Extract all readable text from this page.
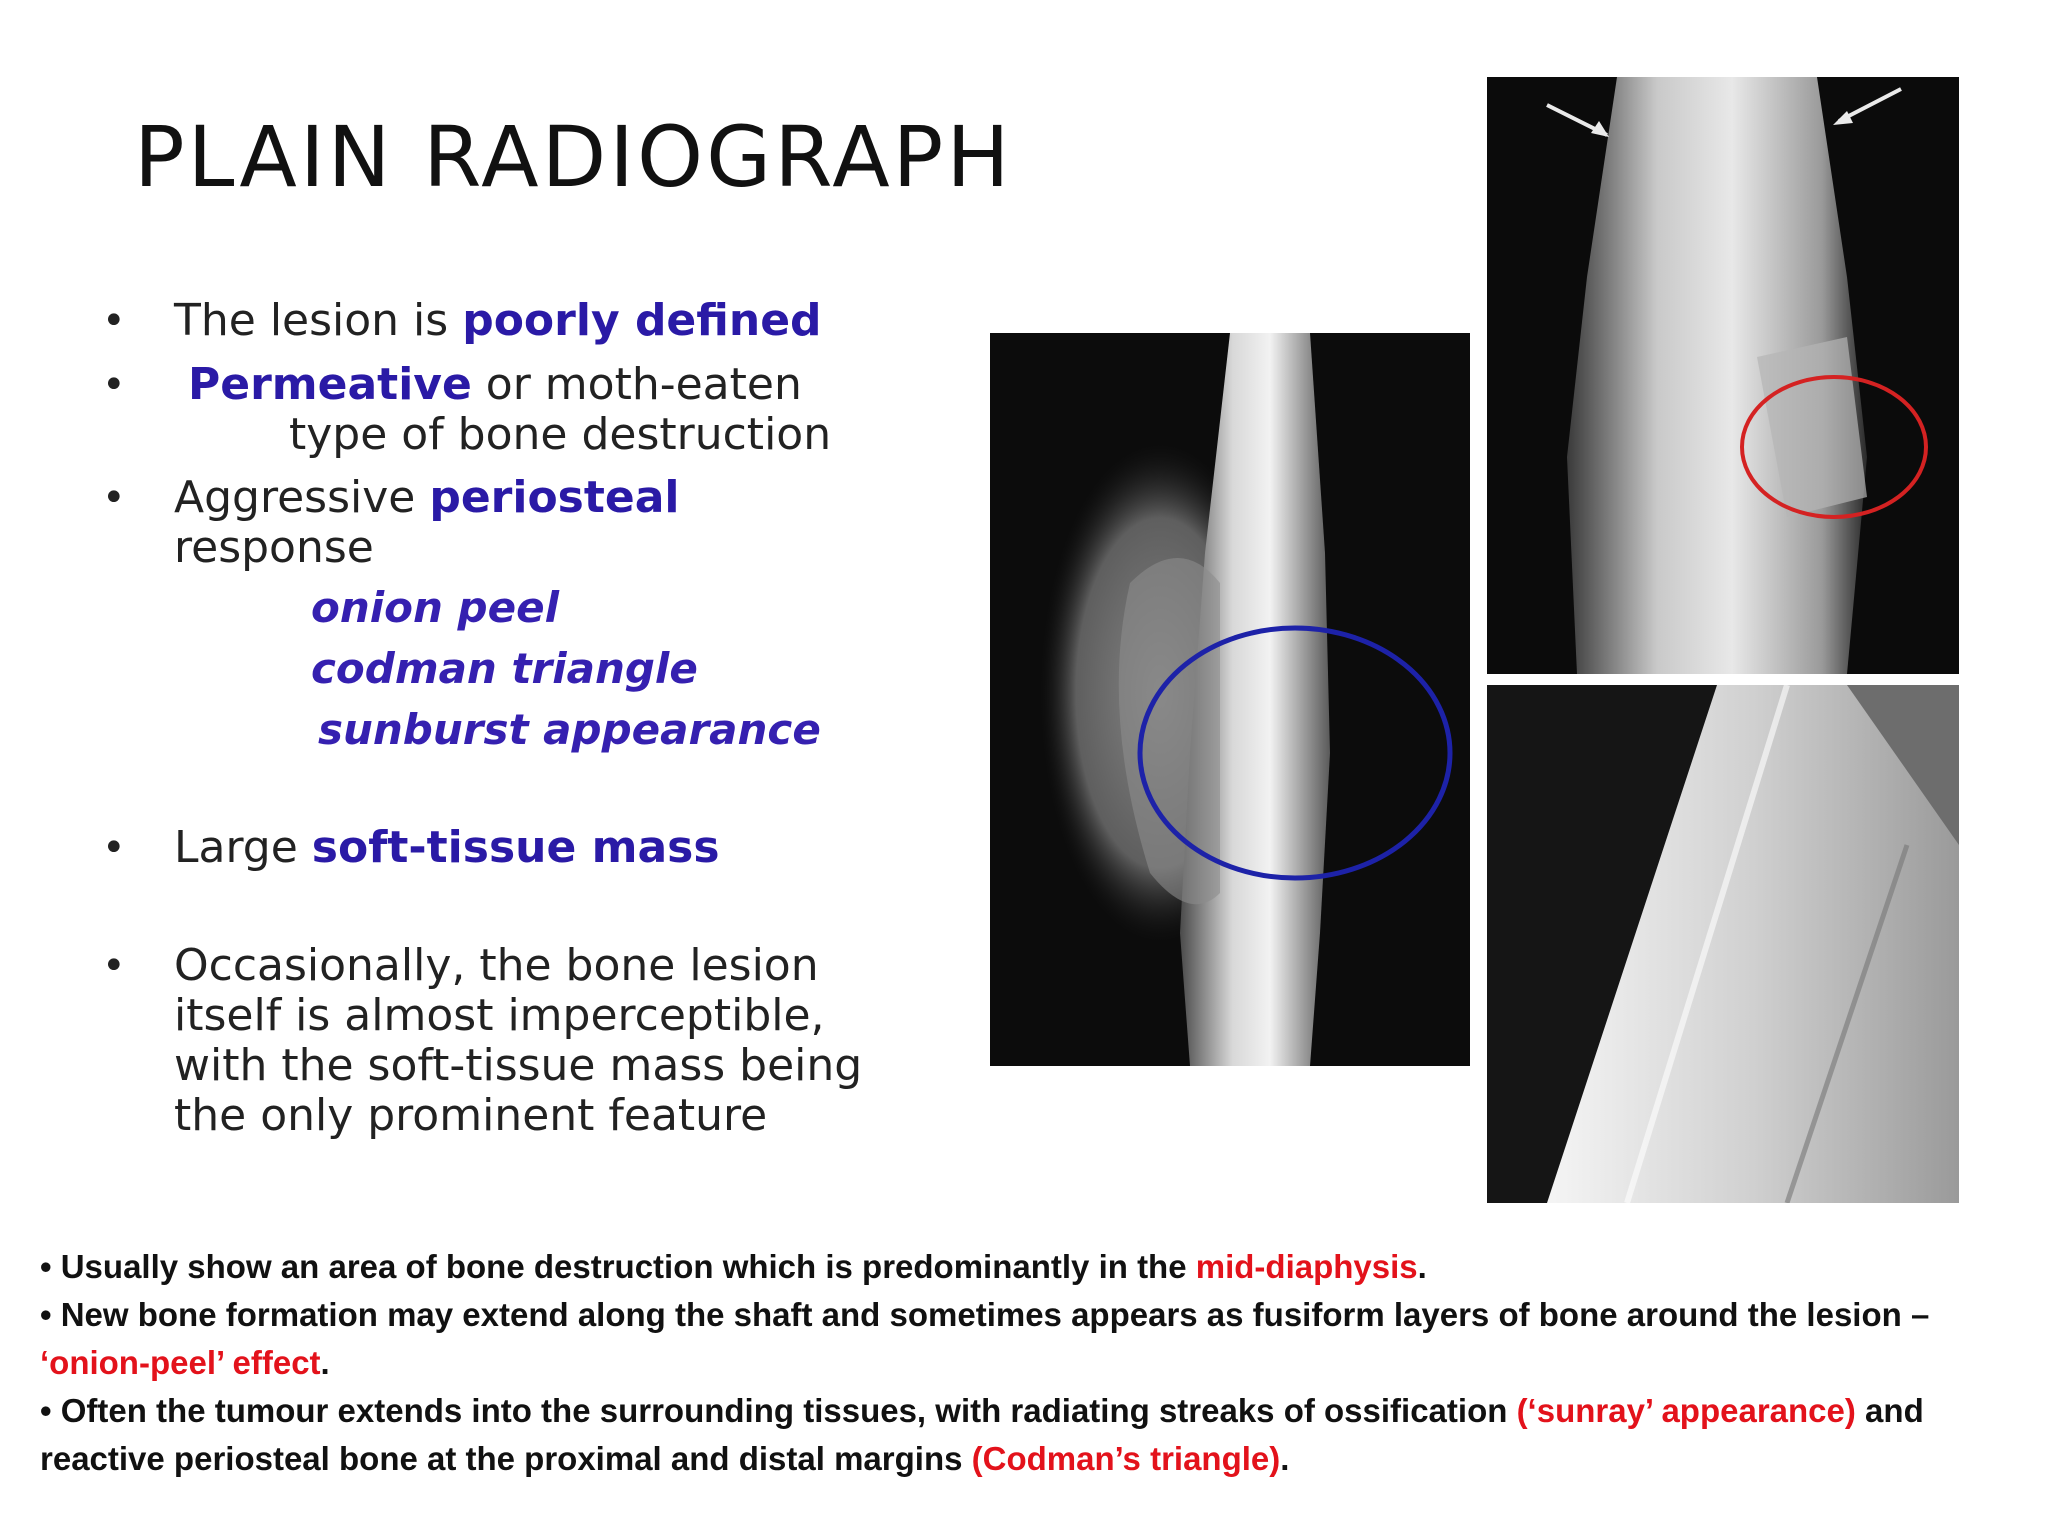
PLAIN RADIOGRAPH
• The lesion is poorly defined
• Permeative or moth-eaten
type of bone destruction
• Aggressive periosteal
response
onion peel
codman triangle
sunburst appearance
• Large soft-tissue mass
• Occasionally, the bone lesion
itself is almost imperceptible,
with the soft-tissue mass being
the only prominent feature
• Usually show an area of bone destruction which is predominantly in the mid-diaphysis.
• New bone formation may extend along the shaft and sometimes appears as fusiform layers of bone around the lesion – ‘onion-peel’ effect.
• Often the tumour extends into the surrounding tissues, with radiating streaks of ossification (‘sunray’ appearance) and reactive periosteal bone at the proximal and distal margins (Codman’s triangle).
